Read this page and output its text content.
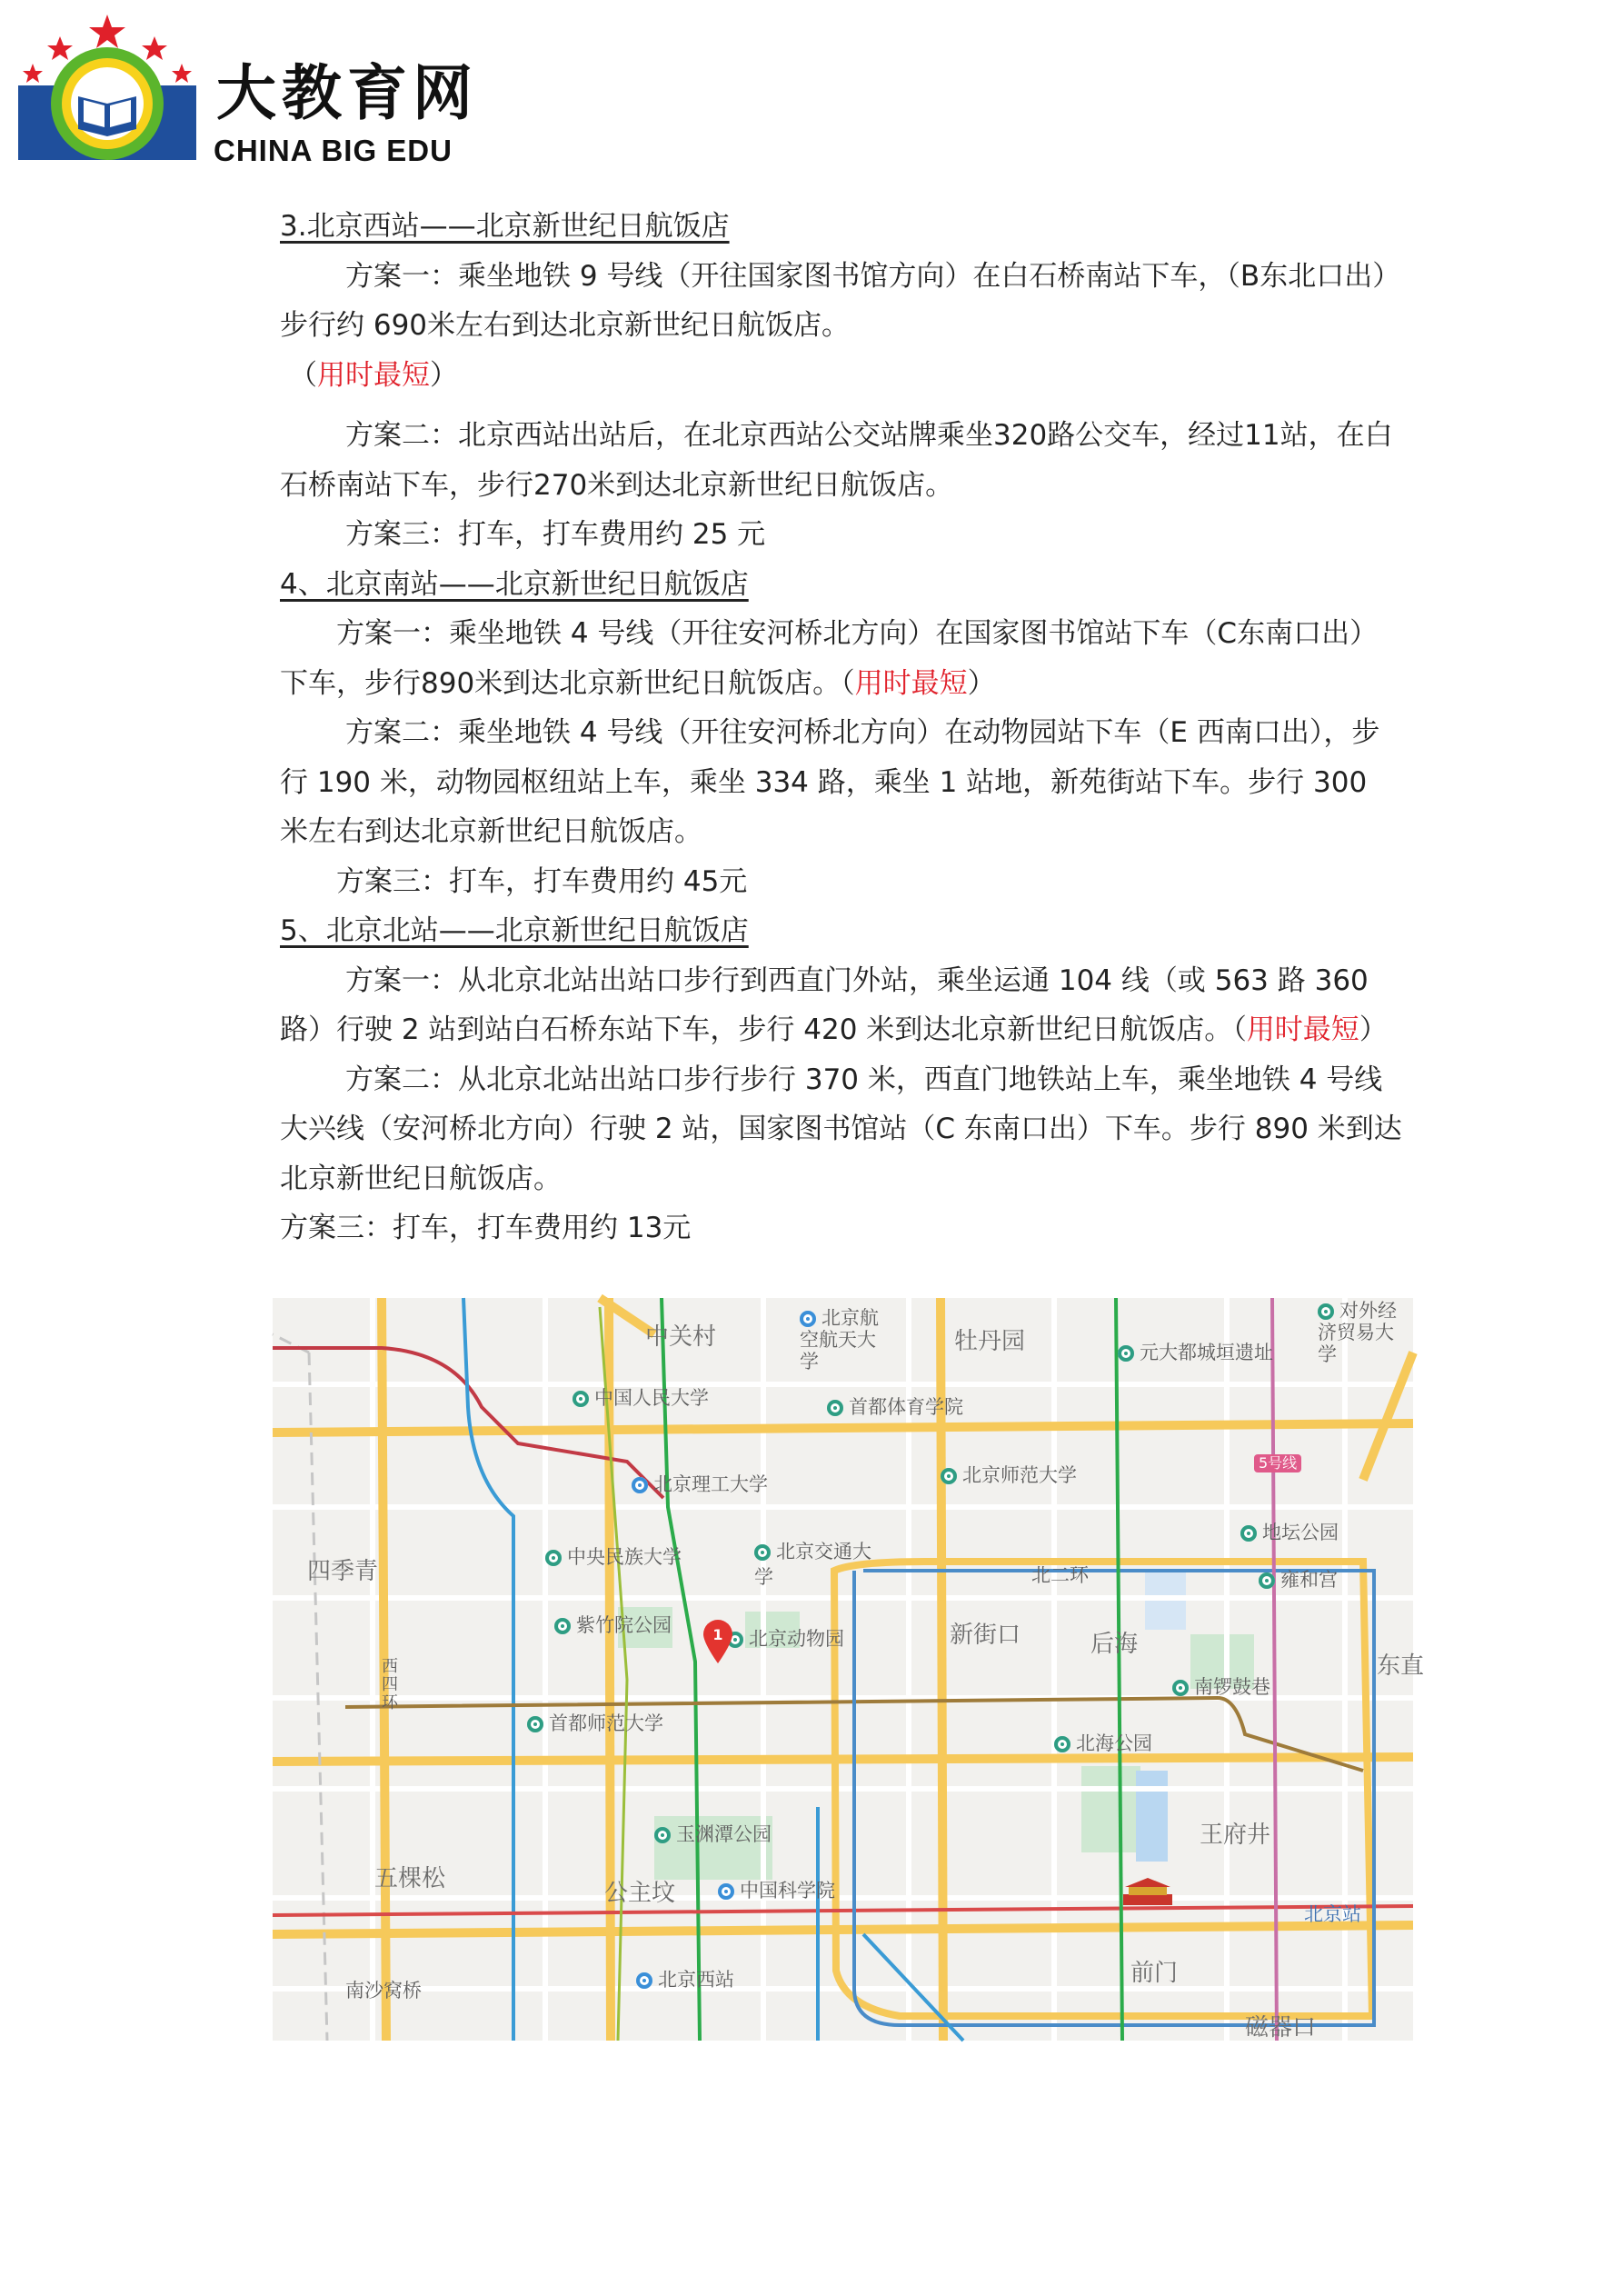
大教育网
CHINA BIG EDU

3.北京西站——北京新世纪日航饭店

方案一：乘坐地铁 9 号线（开往国家图书馆方向）在白石桥南站下车，（B东北口出）步行约 690米左右到达北京新世纪日航饭店。

（用时最短）

方案二：北京西站出站后，在北京西站公交站牌乘坐320路公交车，经过11站，在白石桥南站下车，步行270米到达北京新世纪日航饭店。

方案三：打车，打车费用约 25 元

4、北京南站——北京新世纪日航饭店

方案一：乘坐地铁 4 号线（开往安河桥北方向）在国家图书馆站下车（C东南口出）下车，步行890米到达北京新世纪日航饭店。（用时最短）

方案二：乘坐地铁 4 号线（开往安河桥北方向）在动物园站下车（E 西南口出），步行 190 米，动物园枢纽站上车，乘坐 334 路，乘坐 1 站地，新苑街站下车。步行 300 米左右到达北京新世纪日航饭店。

方案三：打车，打车费用约 45元

5、北京北站——北京新世纪日航饭店

方案一：从北京北站出站口步行到西直门外站，乘坐运通 104 线（或 563 路 360 路）行驶 2 站到站白石桥东站下车，步行 420 米到达北京新世纪日航饭店。（用时最短）

方案二：从北京北站出站口步行步行 370 米，西直门地铁站上车，乘坐地铁 4 号线大兴线（安河桥北方向）行驶 2 站，国家图书馆站（C 东南口出）下车。步行 890 米到达北京新世纪日航饭店。

方案三：打车，打车费用约 13元

中关村
北京航空航天大学
牡丹园
对外经济贸易大学
元大都城垣遗址
中国人民大学	首都体育学院
北京理工大学	北京师范大学
5号线
地坛公园
四季青
中央民族大学	北京交通大学	雍和宫
紫竹院公园
北京动物园	新街口	后海
北二环
东直
西四环	南锣鼓巷
首都师范大学
北海公园
玉渊潭公园	王府井
五棵松
公主坟	中国科学院
北京站
南沙窝桥	北京西站	前门
磁器口
1
